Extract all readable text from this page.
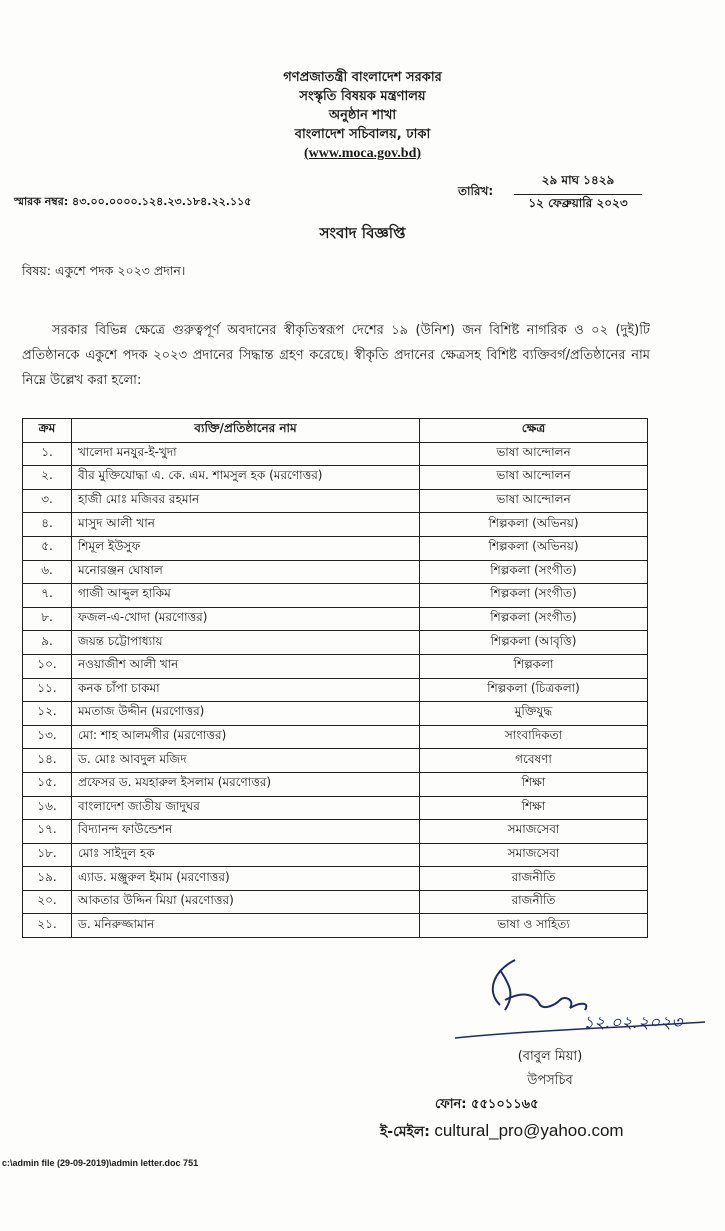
গণপ্রজাতন্ত্রী বাংলাদেশ সরকার
সংস্কৃতি বিষয়ক মন্ত্রণালয়
অনুষ্ঠান শাখা
বাংলাদেশ সচিবালয়, ঢাকা
(www.moca.gov.bd)
স্মারক নম্বর: ৪৩.০০.০০০০.১২৪.২৩.১৮৪.২২.১১৫
তারিখ:
২৯ মাঘ ১৪২৯
১২ ফেব্রুয়ারি ২০২৩
সংবাদ বিজ্ঞপ্তি
বিষয়: একুশে পদক ২০২৩ প্রদান।
সরকার বিভিন্ন ক্ষেত্রে গুরুত্বপূর্ণ অবদানের স্বীকৃতিস্বরূপ দেশের ১৯ (উনিশ) জন বিশিষ্ট নাগরিক ও ০২ (দুই)টি প্রতিষ্ঠানকে একুশে পদক ২০২৩ প্রদানের সিদ্ধান্ত গ্রহণ করেছে। স্বীকৃতি প্রদানের ক্ষেত্রসহ বিশিষ্ট ব্যক্তিবর্গ/প্রতিষ্ঠানের নাম নিম্নে উল্লেখ করা হলো:
ক্রম	ব্যক্তি/প্রতিষ্ঠানের নাম	ক্ষেত্র
১.	খালেদা মনযুর-ই-খুদা	ভাষা আন্দোলন
২.	বীর মুক্তিযোদ্ধা এ. কে. এম. শামসুল হক (মরণোত্তর)	ভাষা আন্দোলন
৩.	হাজী মোঃ মজিবর রহমান	ভাষা আন্দোলন
৪.	মাসুদ আলী খান	শিল্পকলা (অভিনয়)
৫.	শিমূল ইউসুফ	শিল্পকলা (অভিনয়)
৬.	মনোরঞ্জন ঘোষাল	শিল্পকলা (সংগীত)
৭.	গাজী আব্দুল হাকিম	শিল্পকলা (সংগীত)
৮.	ফজল-এ-খোদা (মরণোত্তর)	শিল্পকলা (সংগীত)
৯.	জয়ন্ত চট্টোপাধ্যায়	শিল্পকলা (আবৃত্তি)
১০.	নওয়াজীশ আলী খান	শিল্পকলা
১১.	কনক চাঁপা চাকমা	শিল্পকলা (চিত্রকলা)
১২.	মমতাজ উদ্দীন (মরণোত্তর)	মুক্তিযুদ্ধ
১৩.	মো: শাহ আলমগীর (মরণোত্তর)	সাংবাদিকতা
১৪.	ড. মোঃ আবদুল মজিদ	গবেষণা
১৫.	প্রফেসর ড. মযহারুল ইসলাম (মরণোত্তর)	শিক্ষা
১৬.	বাংলাদেশ জাতীয় জাদুঘর	শিক্ষা
১৭.	বিদ্যানন্দ ফাউন্ডেশন	সমাজসেবা
১৮.	মোঃ সাইদুল হক	সমাজসেবা
১৯.	এ্যাড. মঞ্জুরুল ইমাম (মরণোত্তর)	রাজনীতি
২০.	আকতার উদ্দিন মিয়া (মরণোত্তর)	রাজনীতি
২১.	ড. মনিরুজ্জামান	ভাষা ও সাহিত্য
১২.০২.২০২৩
(বাবুল মিয়া)
উপসচিব
ফোন: ৫৫১০১১৬৫
ই-মেইল: cultural_pro@yahoo.com
c:\admin file (29-09-2019)\admin letter.doc 751
